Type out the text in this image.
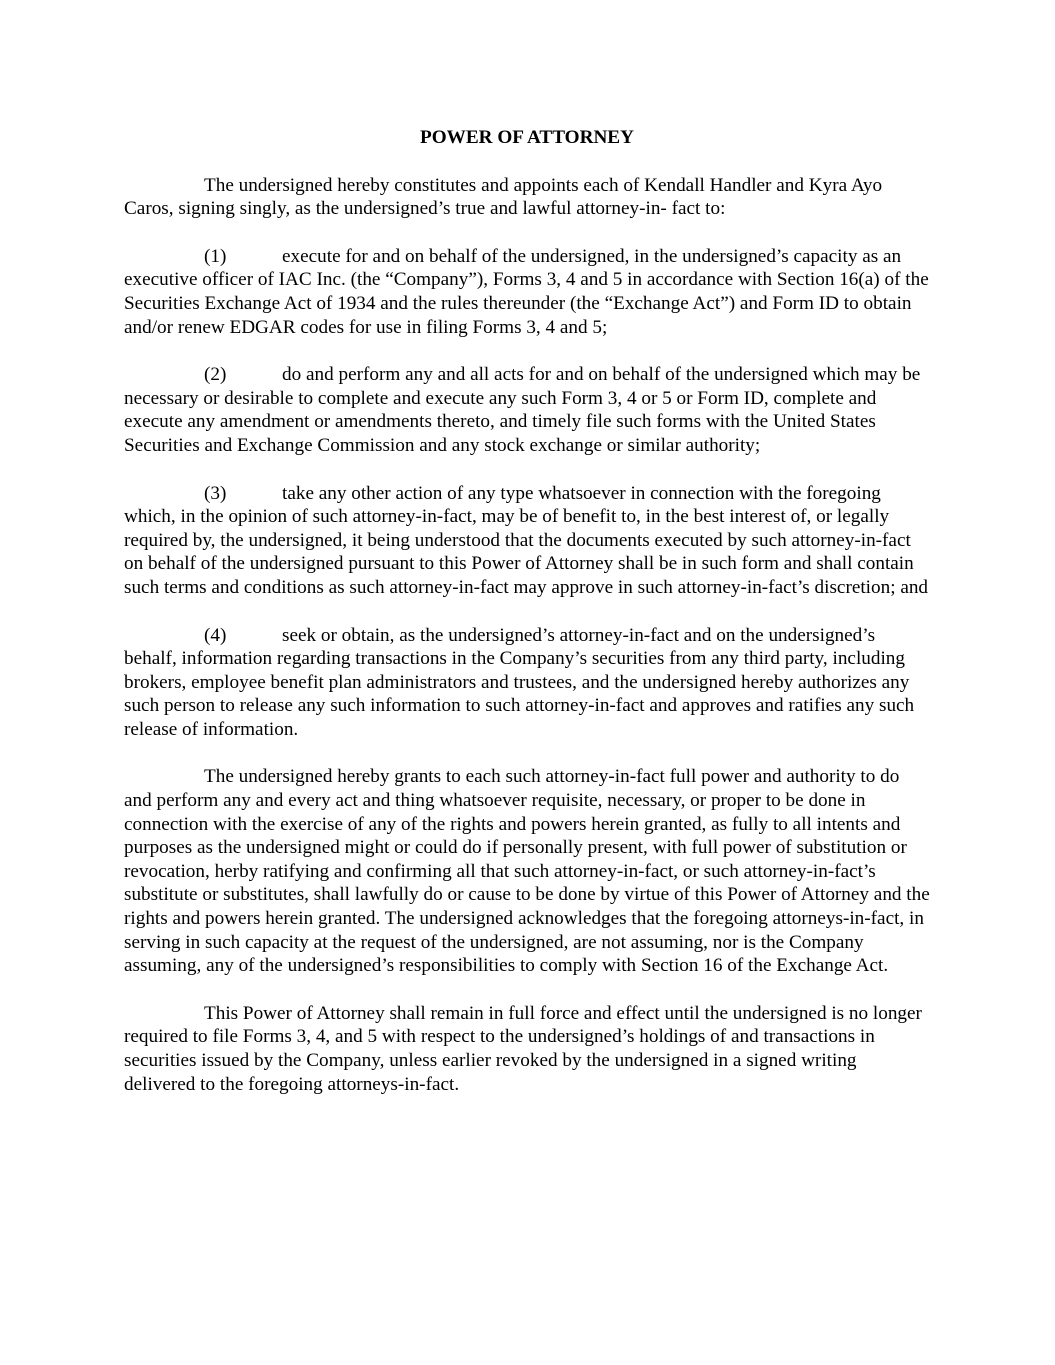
POWER OF ATTORNEY

The undersigned hereby constitutes and appoints each of Kendall Handler and Kyra Ayo Caros, signing singly, as the undersigned’s true and lawful attorney-in- fact to:

(1)	execute for and on behalf of the undersigned, in the undersigned’s capacity as an executive officer of IAC Inc. (the “Company”), Forms 3, 4 and 5 in accordance with Section 16(a) of the Securities Exchange Act of 1934 and the rules thereunder (the “Exchange Act”) and Form ID to obtain and/or renew EDGAR codes for use in filing Forms 3, 4 and 5;

(2)	do and perform any and all acts for and on behalf of the undersigned which may be necessary or desirable to complete and execute any such Form 3, 4 or 5 or Form ID, complete and execute any amendment or amendments thereto, and timely file such forms with the United States Securities and Exchange Commission and any stock exchange or similar authority;

(3)	take any other action of any type whatsoever in connection with the foregoing which, in the opinion of such attorney-in-fact, may be of benefit to, in the best interest of, or legally required by, the undersigned, it being understood that the documents executed by such attorney-in-fact on behalf of the undersigned pursuant to this Power of Attorney shall be in such form and shall contain such terms and conditions as such attorney-in-fact may approve in such attorney-in-fact’s discretion; and

(4)	seek or obtain, as the undersigned’s attorney-in-fact and on the undersigned’s behalf, information regarding transactions in the Company’s securities from any third party, including brokers, employee benefit plan administrators and trustees, and the undersigned hereby authorizes any such person to release any such information to such attorney-in-fact and approves and ratifies any such release of information.

The undersigned hereby grants to each such attorney-in-fact full power and authority to do and perform any and every act and thing whatsoever requisite, necessary, or proper to be done in connection with the exercise of any of the rights and powers herein granted, as fully to all intents and purposes as the undersigned might or could do if personally present, with full power of substitution or revocation, herby ratifying and confirming all that such attorney-in-fact, or such attorney-in-fact’s substitute or substitutes, shall lawfully do or cause to be done by virtue of this Power of Attorney and the rights and powers herein granted. The undersigned acknowledges that the foregoing attorneys-in-fact, in serving in such capacity at the request of the undersigned, are not assuming, nor is the Company assuming, any of the undersigned’s responsibilities to comply with Section 16 of the Exchange Act.

This Power of Attorney shall remain in full force and effect until the undersigned is no longer required to file Forms 3, 4, and 5 with respect to the undersigned’s holdings of and transactions in securities issued by the Company, unless earlier revoked by the undersigned in a signed writing delivered to the foregoing attorneys-in-fact.
